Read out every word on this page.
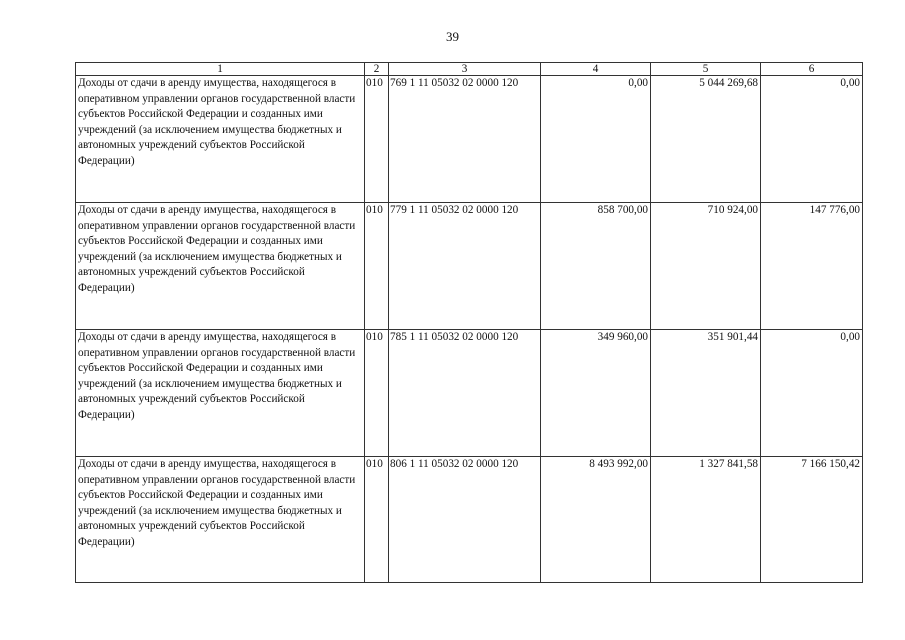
39
1	2	3	4	5	6
Доходы от сдачи в аренду имущества, находящегося в оперативном управлении органов государственной власти субъектов Российской Федерации и созданных ими учреждений (за исключением имущества бюджетных и автономных учреждений субъектов Российской Федерации)	010	769 1 11 05032 02 0000 120	0,00	5 044 269,68	0,00
Доходы от сдачи в аренду имущества, находящегося в оперативном управлении органов государственной власти субъектов Российской Федерации и созданных ими учреждений (за исключением имущества бюджетных и автономных учреждений субъектов Российской Федерации)	010	779 1 11 05032 02 0000 120	858 700,00	710 924,00	147 776,00
Доходы от сдачи в аренду имущества, находящегося в оперативном управлении органов государственной власти субъектов Российской Федерации и созданных ими учреждений (за исключением имущества бюджетных и автономных учреждений субъектов Российской Федерации)	010	785 1 11 05032 02 0000 120	349 960,00	351 901,44	0,00
Доходы от сдачи в аренду имущества, находящегося в оперативном управлении органов государственной власти субъектов Российской Федерации и созданных ими учреждений (за исключением имущества бюджетных и автономных учреждений субъектов Российской Федерации)	010	806 1 11 05032 02 0000 120	8 493 992,00	1 327 841,58	7 166 150,42
